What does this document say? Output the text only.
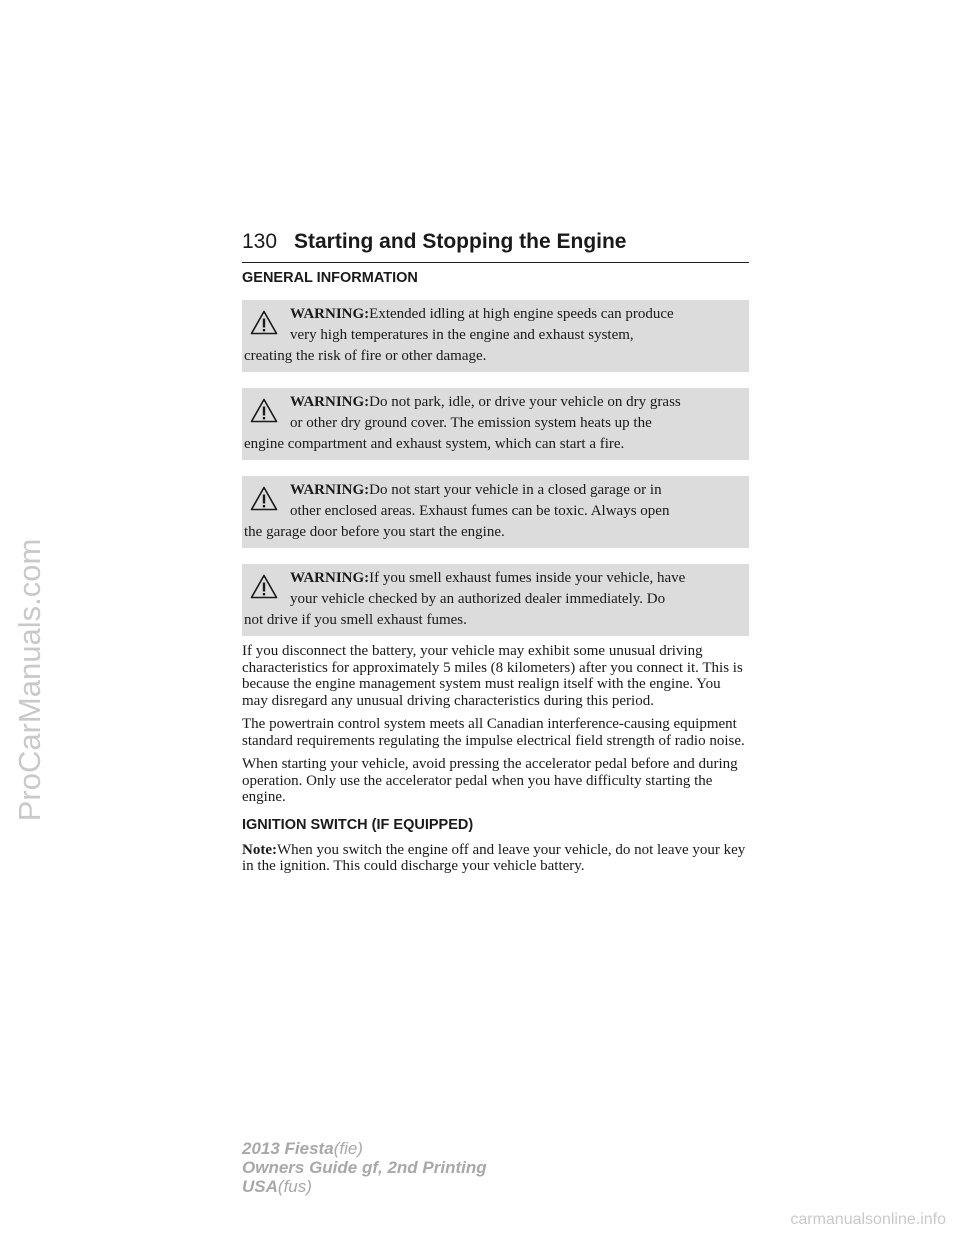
ProCarManuals.com
130 Starting and Stopping the Engine
GENERAL INFORMATION

WARNING:Extended idling at high engine speeds can produce
very high temperatures in the engine and exhaust system,
creating the risk of fire or other damage.

WARNING:Do not park, idle, or drive your vehicle on dry grass
or other dry ground cover. The emission system heats up the
engine compartment and exhaust system, which can start a fire.

WARNING:Do not start your vehicle in a closed garage or in
other enclosed areas. Exhaust fumes can be toxic. Always open
the garage door before you start the engine.

WARNING:If you smell exhaust fumes inside your vehicle, have
your vehicle checked by an authorized dealer immediately. Do
not drive if you smell exhaust fumes.

If you disconnect the battery, your vehicle may exhibit some unusual driving characteristics for approximately 5 miles (8 kilometers) after you connect it. This is because the engine management system must realign itself with the engine. You may disregard any unusual driving characteristics during this period.

The powertrain control system meets all Canadian interference-causing equipment standard requirements regulating the impulse electrical field strength of radio noise.

When starting your vehicle, avoid pressing the accelerator pedal before and during operation. Only use the accelerator pedal when you have difficulty starting the engine.

IGNITION SWITCH (IF EQUIPPED)

Note:When you switch the engine off and leave your vehicle, do not leave your key in the ignition. This could discharge your vehicle battery.

2013 Fiesta(fie)
Owners Guide gf, 2nd Printing
USA(fus)
carmanualsonline.info
